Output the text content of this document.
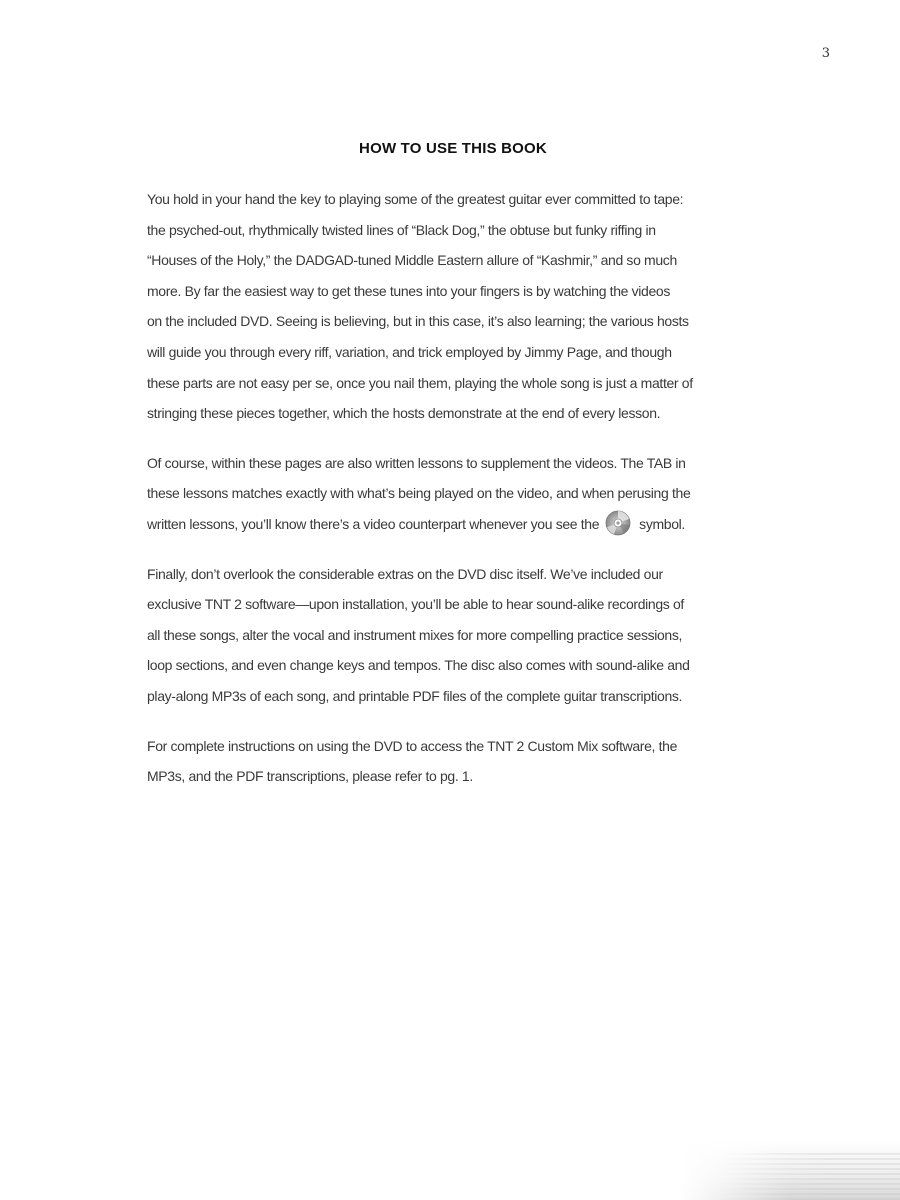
3
HOW TO USE THIS BOOK

You hold in your hand the key to playing some of the greatest guitar ever committed to tape:
the psyched-out, rhythmically twisted lines of “Black Dog,” the obtuse but funky riffing in
“Houses of the Holy,” the DADGAD-tuned Middle Eastern allure of “Kashmir,” and so much
more. By far the easiest way to get these tunes into your fingers is by watching the videos
on the included DVD. Seeing is believing, but in this case, it’s also learning; the various hosts
will guide you through every riff, variation, and trick employed by Jimmy Page, and though
these parts are not easy per se, once you nail them, playing the whole song is just a matter of
stringing these pieces together, which the hosts demonstrate at the end of every lesson.

Of course, within these pages are also written lessons to supplement the videos. The TAB in
these lessons matches exactly with what’s being played on the video, and when perusing the
written lessons, you’ll know there’s a video counterpart whenever you see the	symbol.

Finally, don’t overlook the considerable extras on the DVD disc itself. We’ve included our
exclusive TNT 2 software—upon installation, you’ll be able to hear sound-alike recordings of
all these songs, alter the vocal and instrument mixes for more compelling practice sessions,
loop sections, and even change keys and tempos. The disc also comes with sound-alike and
play-along MP3s of each song, and printable PDF files of the complete guitar transcriptions.

For complete instructions on using the DVD to access the TNT 2 Custom Mix software, the
MP3s, and the PDF transcriptions, please refer to pg. 1.
